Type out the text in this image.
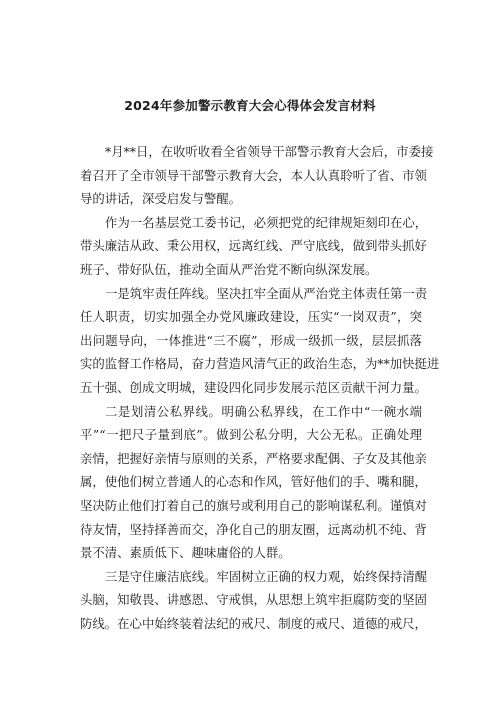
2024年参加警示教育大会心得体会发言材料
*月**日，在收听收看全省领导干部警示教育大会后，市委接
着召开了全市领导干部警示教育大会，本人认真聆听了省、市领
导的讲话，深受启发与警醒。
作为一名基层党工委书记，必须把党的纪律规矩刻印在心，
带头廉洁从政、秉公用权，远离红线、严守底线，做到带头抓好
班子、带好队伍，推动全面从严治党不断向纵深发展。
一是筑牢责任阵线。坚决扛牢全面从严治党主体责任第一责
任人职责，切实加强全办党风廉政建设，压实“一岗双责”，突
出问题导向，一体推进“三不腐”，形成一级抓一级，层层抓落
实的监督工作格局，奋力营造风清气正的政治生态，为**加快挺进
五十强、创成文明城，建设四化同步发展示范区贡献干河力量。
二是划清公私界线。明确公私界线，在工作中“一碗水端
平”“一把尺子量到底”。做到公私分明，大公无私。正确处理
亲情，把握好亲情与原则的关系，严格要求配偶、子女及其他亲
属，使他们树立普通人的心态和作风，管好他们的手、嘴和腿，
坚决防止他们打着自己的旗号或利用自己的影响谋私利。谨慎对
待友情，坚持择善而交，净化自己的朋友圈，远离动机不纯、背
景不清、素质低下、趣味庸俗的人群。
三是守住廉洁底线。牢固树立正确的权力观，始终保持清醒
头脑，知敬畏、讲感恩、守戒惧，从思想上筑牢拒腐防变的坚固
防线。在心中始终装着法纪的戒尺、制度的戒尺、道德的戒尺，
